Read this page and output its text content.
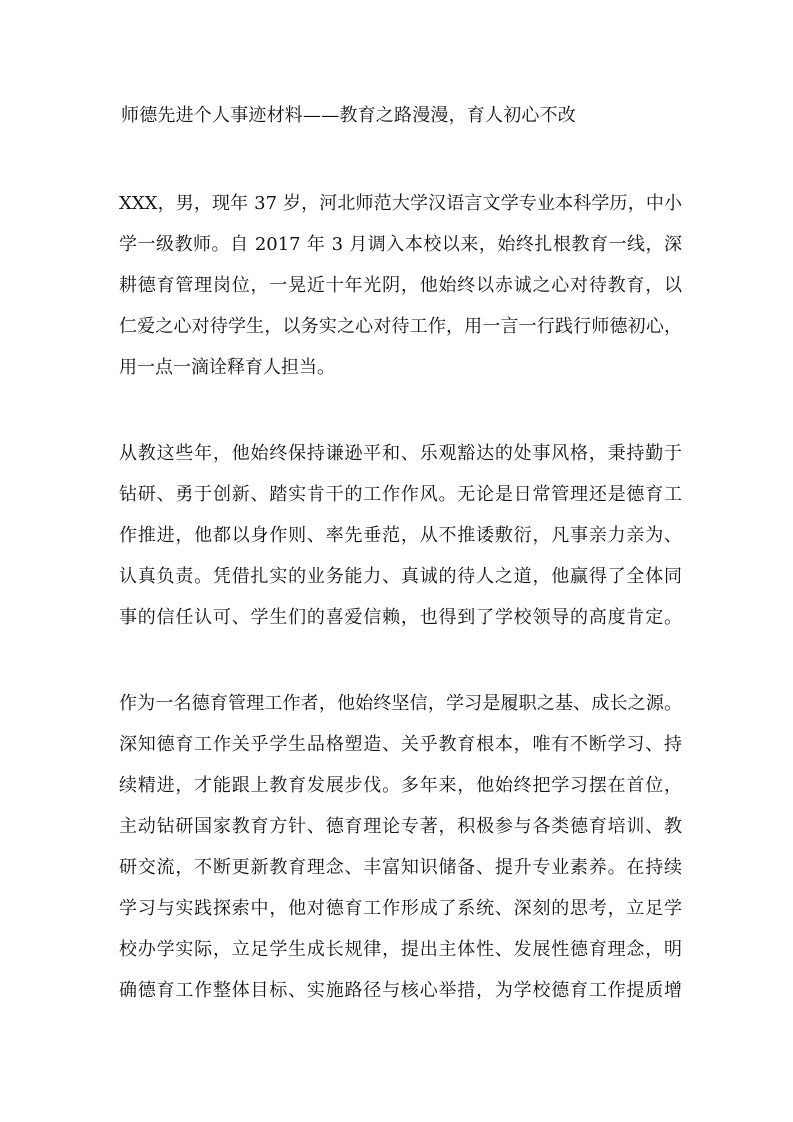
师德先进个人事迹材料——教育之路漫漫，育人初心不改
XXX，男，现年 37 岁，河北师范大学汉语言文学专业本科学历，中小
学一级教师。自 2017 年 3 月调入本校以来，始终扎根教育一线，深
耕德育管理岗位，一晃近十年光阴，他始终以赤诚之心对待教育，以
仁爱之心对待学生，以务实之心对待工作，用一言一行践行师德初心，
用一点一滴诠释育人担当。
从教这些年，他始终保持谦逊平和、乐观豁达的处事风格，秉持勤于
钻研、勇于创新、踏实肯干的工作作风。无论是日常管理还是德育工
作推进，他都以身作则、率先垂范，从不推诿敷衍，凡事亲力亲为、
认真负责。凭借扎实的业务能力、真诚的待人之道，他赢得了全体同
事的信任认可、学生们的喜爱信赖，也得到了学校领导的高度肯定。
作为一名德育管理工作者，他始终坚信，学习是履职之基、成长之源。
深知德育工作关乎学生品格塑造、关乎教育根本，唯有不断学习、持
续精进，才能跟上教育发展步伐。多年来，他始终把学习摆在首位，
主动钻研国家教育方针、德育理论专著，积极参与各类德育培训、教
研交流，不断更新教育理念、丰富知识储备、提升专业素养。在持续
学习与实践探索中，他对德育工作形成了系统、深刻的思考，立足学
校办学实际，立足学生成长规律，提出主体性、发展性德育理念，明
确德育工作整体目标、实施路径与核心举措，为学校德育工作提质增
